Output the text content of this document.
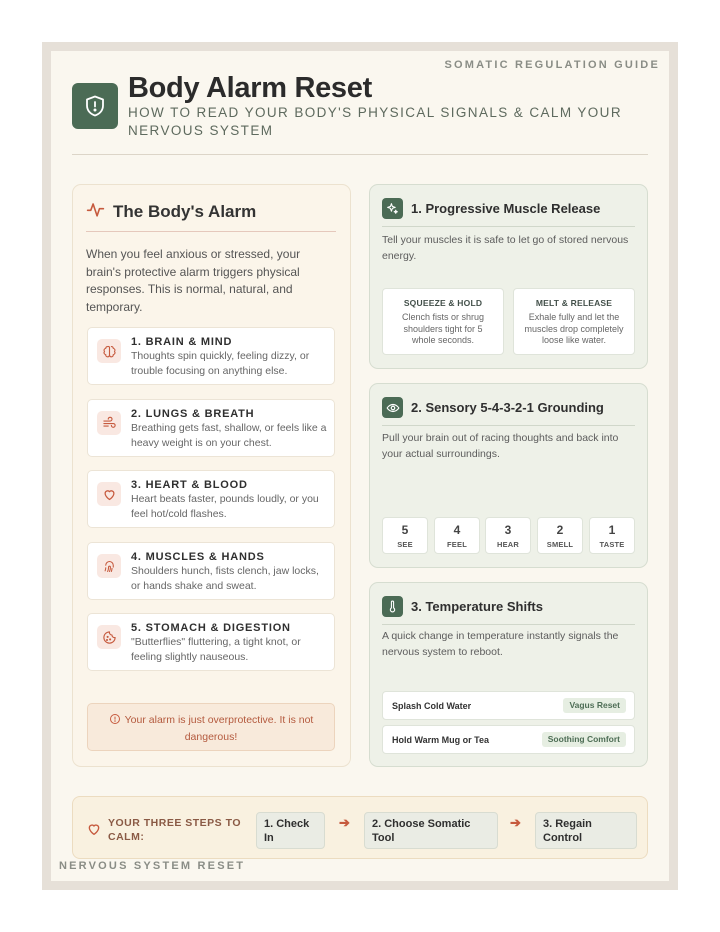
SOMATIC REGULATION GUIDE
Body Alarm Reset
HOW TO READ YOUR BODY'S PHYSICAL SIGNALS & CALM YOUR NERVOUS SYSTEM
The Body's Alarm
When you feel anxious or stressed, your brain's protective alarm triggers physical responses. This is normal, natural, and temporary.
1. BRAIN & MIND
Thoughts spin quickly, feeling dizzy, or trouble focusing on anything else.
2. LUNGS & BREATH
Breathing gets fast, shallow, or feels like a heavy weight is on your chest.
3. HEART & BLOOD
Heart beats faster, pounds loudly, or you feel hot/cold flashes.
4. MUSCLES & HANDS
Shoulders hunch, fists clench, jaw locks, or hands shake and sweat.
5. STOMACH & DIGESTION
"Butterflies" fluttering, a tight knot, or feeling slightly nauseous.
Your alarm is just overprotective. It is not dangerous!
1. Progressive Muscle Release
Tell your muscles it is safe to let go of stored nervous energy.
SQUEEZE & HOLD
Clench fists or shrug shoulders tight for 5 whole seconds.
MELT & RELEASE
Exhale fully and let the muscles drop completely loose like water.
2. Sensory 5-4-3-2-1 Grounding
Pull your brain out of racing thoughts and back into your actual surroundings.
5
SEE
4
FEEL
3
HEAR
2
SMELL
1
TASTE
3. Temperature Shifts
A quick change in temperature instantly signals the nervous system to reboot.
Splash Cold Water	Vagus Reset
Hold Warm Mug or Tea	Soothing Comfort
YOUR THREE STEPS TO CALM:
1. Check In
➔	2. Choose Somatic Tool
➔	3. Regain Control
NERVOUS SYSTEM RESET
